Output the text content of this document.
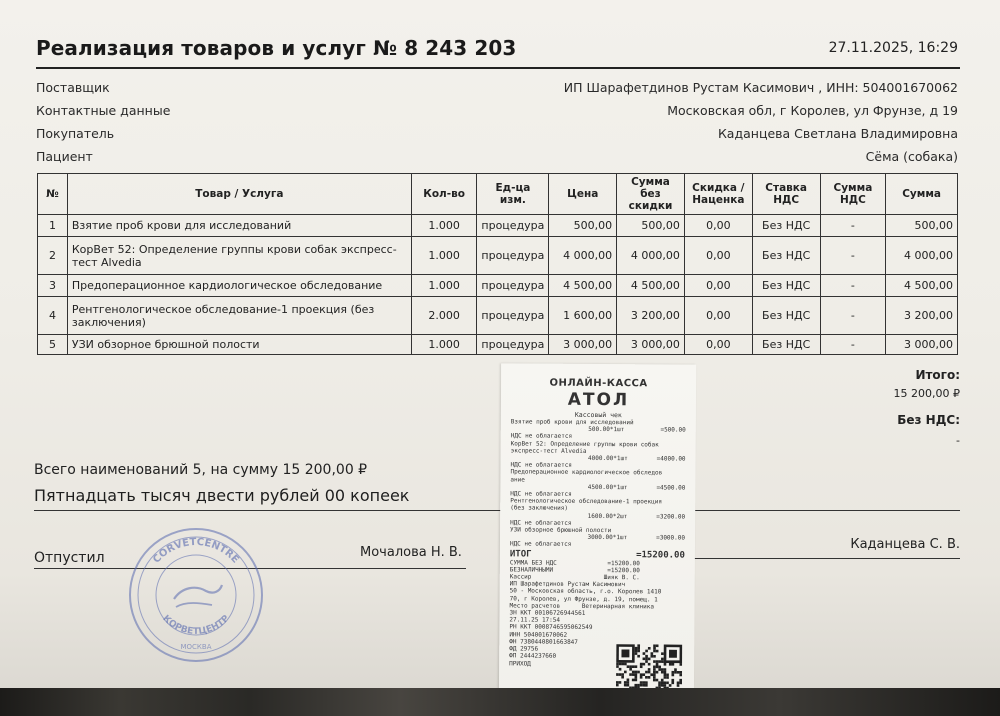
Реализация товаров и услуг № 8 243 203	27.11.2025, 16:29
Поставщик	ИП Шарафетдинов Рустам Касимович , ИНН: 504001670062
Контактные данные	Московская обл, г Королев, ул Фрунзе, д 19
Покупатель	Каданцева Светлана Владимировна
Пациент	Сёма (собака)
№	Товар / Услуга	Кол-во	Ед-ца изм.	Цена	Сумма без скидки	Скидка / Наценка	Ставка НДС	Сумма НДС	Сумма
1	Взятие проб крови для исследований	1.000	процедура	500,00	500,00	0,00	Без НДС	-	500,00
2	КорВет 52: Определение группы крови собак экспресс-тест Alvedia	1.000	процедура	4 000,00	4 000,00	0,00	Без НДС	-	4 000,00
3	Предоперационное кардиологическое обследование	1.000	процедура	4 500,00	4 500,00	0,00	Без НДС	-	4 500,00
4	Рентгенологическое обследование-1 проекция (без заключения)	2.000	процедура	1 600,00	3 200,00	0,00	Без НДС	-	3 200,00
5	УЗИ обзорное брюшной полости	1.000	процедура	3 000,00	3 000,00	0,00	Без НДС	-	3 000,00
Итого:
15 200,00 ₽
Без НДС:
-
Всего наименований 5, на сумму 15 200,00 ₽
Пятнадцать тысяч двести рублей 00 копеек
Отпустил	Мочалова Н. В.
Каданцева С. В.
CORVETCENTRE
КОРВЕТЦЕНТР
МОСКВА
ОНЛАЙН-КАССА
АТОЛ
Кассовый чек
Взятие проб крови для исследований
500.00*1шт          =500.00
НДС не облагается
КорВет 52: Определение группы крови собак
экспресс-тест Alvedia
4000.00*1шт        =4000.00
НДС не облагается
Предоперационное кардиологическое обследов
ание
4500.00*1шт        =4500.00
НДС не облагается
Рентгенологическое обследование-1 проекция
(без заключения)
1600.00*2шт        =3200.00
НДС не облагается
УЗИ обзорное брюшной полости
3000.00*1шт        =3000.00
НДС не облагается
ИТОГ	=15200.00
СУММА БЕЗ НДС              =15200.00
БЕЗНАЛИЧНЫМИ               =15200.00
Кассир                    Шияк В. С.
ИП Шарафетдинов Рустам Касимович
50 - Московская область, г.о. Королев 1410
70, г Королев, ул Фрунзе, д. 19, помещ. 1
Место расчетов      Ветеринарная клиника
ЗН ККТ 00106726944561
27.11.25 17:54
РН ККТ 0008746595062549
ИНН 504001670062
ФН 7380440801663847
ФД 29756
ФП 2444237660
ПРИХОД
